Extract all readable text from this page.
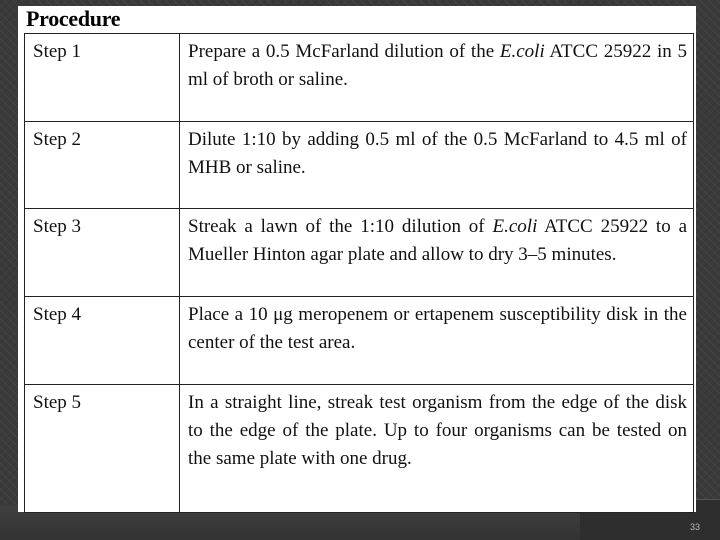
Procedure
Step 1	Prepare a 0.5 McFarland dilution of the E.coli ATCC 25922 in 5 ml of broth or saline.
Step 2	Dilute 1:10 by adding 0.5 ml of the 0.5 McFarland to 4.5 ml of MHB or saline.
Step 3	Streak a lawn of the 1:10 dilution of E.coli ATCC 25922 to a Mueller Hinton agar plate and allow to dry 3–5 minutes.
Step 4	Place a 10 μg meropenem or ertapenem susceptibility disk in the center of the test area.
Step 5	In a straight line, streak test organism from the edge of the disk to the edge of the plate. Up to four organisms can be tested on the same plate with one drug.
33
